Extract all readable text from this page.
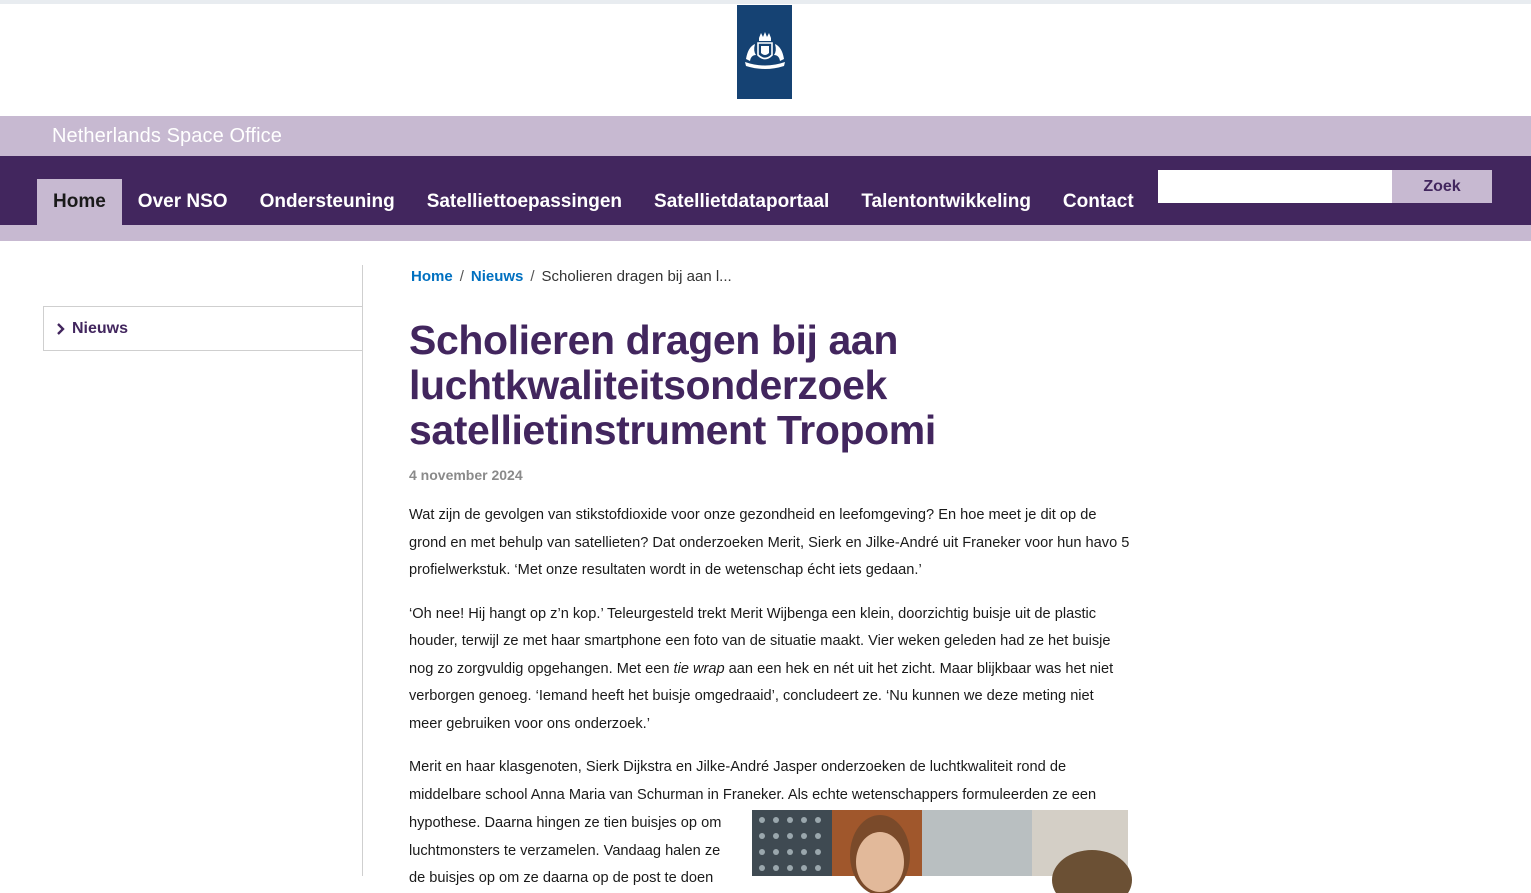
Netherlands Space Office
Home	Over NSO	Ondersteuning	Satelliettoepassingen	Satellietdataportaal	Talentontwikkeling	Contact
Zoek
Nieuws
Home / Nieuws / Scholieren dragen bij aan l...
Scholieren dragen bij aan luchtkwaliteitsonderzoek satellietinstrument Tropomi
4 november 2024

Wat zijn de gevolgen van stikstofdioxide voor onze gezondheid en leefomgeving? En hoe meet je dit op de grond en met behulp van satellieten? Dat onderzoeken Merit, Sierk en Jilke-André uit Franeker voor hun havo 5 profielwerkstuk. ‘Met onze resultaten wordt in de wetenschap écht iets gedaan.’

‘Oh nee! Hij hangt op z’n kop.’ Teleurgesteld trekt Merit Wijbenga een klein, doorzichtig buisje uit de plastic houder, terwijl ze met haar smartphone een foto van de situatie maakt. Vier weken geleden had ze het buisje nog zo zorgvuldig opgehangen. Met een tie wrap aan een hek en nét uit het zicht. Maar blijkbaar was het niet verborgen genoeg. ‘Iemand heeft het buisje omgedraaid’, concludeert ze. ‘Nu kunnen we deze meting niet meer gebruiken voor ons onderzoek.’

Merit en haar klasgenoten, Sierk Dijkstra en Jilke-André Jasper onderzoeken de luchtkwaliteit rond de middelbare school Anna Maria van Schurman in Franeker. Als echte wetenschappers formuleerden ze een

hypothese. Daarna hingen ze tien buisjes op om luchtmonsters te verzamelen. Vandaag halen ze de buisjes op om ze daarna op de post te doen
